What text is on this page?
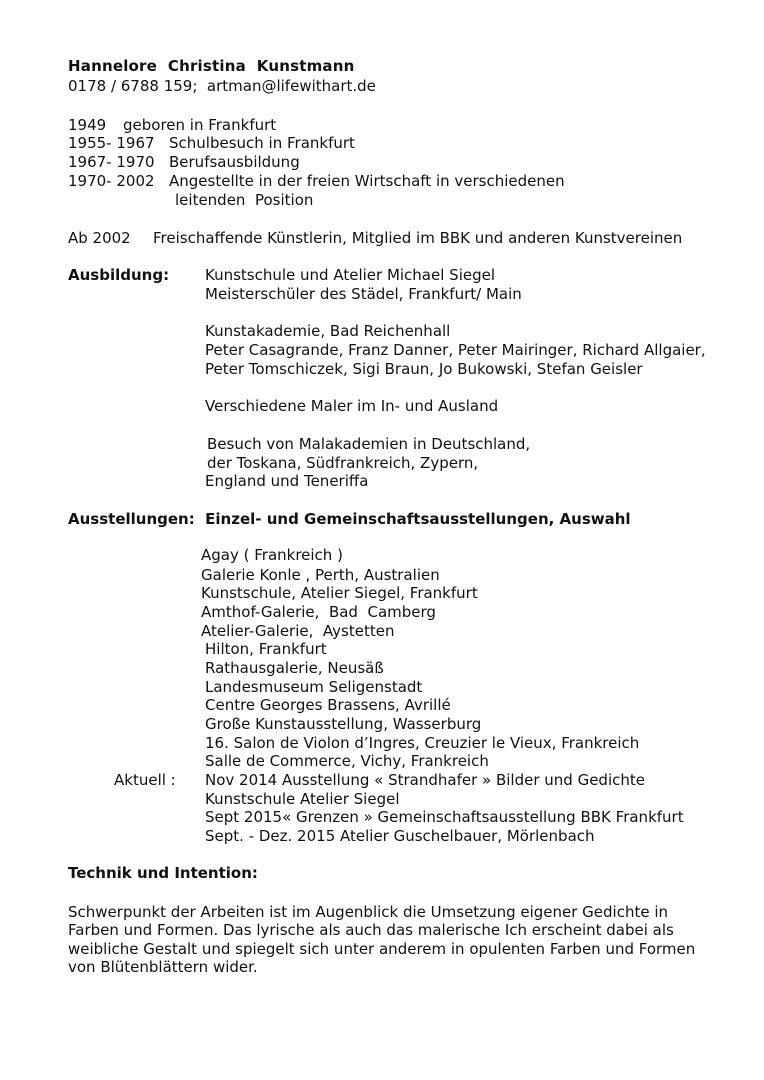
Hannelore  Christina  Kunstmann
0178 / 6788 159;  artman@lifewithart.de
1949 geboren in Frankfurt
1955- 1967 Schulbesuch in Frankfurt
1967- 1970 Berufsausbildung
1970- 2002 Angestellte in der freien Wirtschaft in verschiedenen
leitenden  Position
Ab 2002 Freischaffende Künstlerin, Mitglied im BBK und anderen Kunstvereinen
Ausbildung: Kunstschule und Atelier Michael Siegel
Meisterschüler des Städel, Frankfurt/ Main
Kunstakademie, Bad Reichenhall
Peter Casagrande, Franz Danner, Peter Mairinger, Richard Allgaier,
Peter Tomschiczek, Sigi Braun, Jo Bukowski, Stefan Geisler
Verschiedene Maler im In- und Ausland
Besuch von Malakademien in Deutschland,
der Toskana, Südfrankreich, Zypern,
England und Teneriffa
Ausstellungen:  Einzel- und Gemeinschaftsausstellungen, Auswahl
Agay ( Frankreich )
Galerie Konle , Perth, Australien
Kunstschule, Atelier Siegel, Frankfurt
Amthof-Galerie,  Bad  Camberg
Atelier-Galerie,  Aystetten
Hilton, Frankfurt
Rathausgalerie, Neusäß
Landesmuseum Seligenstadt
Centre Georges Brassens, Avrillé
Große Kunstausstellung, Wasserburg
16. Salon de Violon d’Ingres, Creuzier le Vieux, Frankreich
Salle de Commerce, Vichy, Frankreich
Aktuell : Nov 2014 Ausstellung « Strandhafer » Bilder und Gedichte
Kunstschule Atelier Siegel
Sept 2015« Grenzen » Gemeinschaftsausstellung BBK Frankfurt
Sept. - Dez. 2015 Atelier Guschelbauer, Mörlenbach
Technik und Intention:
Schwerpunkt der Arbeiten ist im Augenblick die Umsetzung eigener Gedichte in
Farben und Formen. Das lyrische als auch das malerische Ich erscheint dabei als
weibliche Gestalt und spiegelt sich unter anderem in opulenten Farben und Formen
von Blütenblättern wider.
